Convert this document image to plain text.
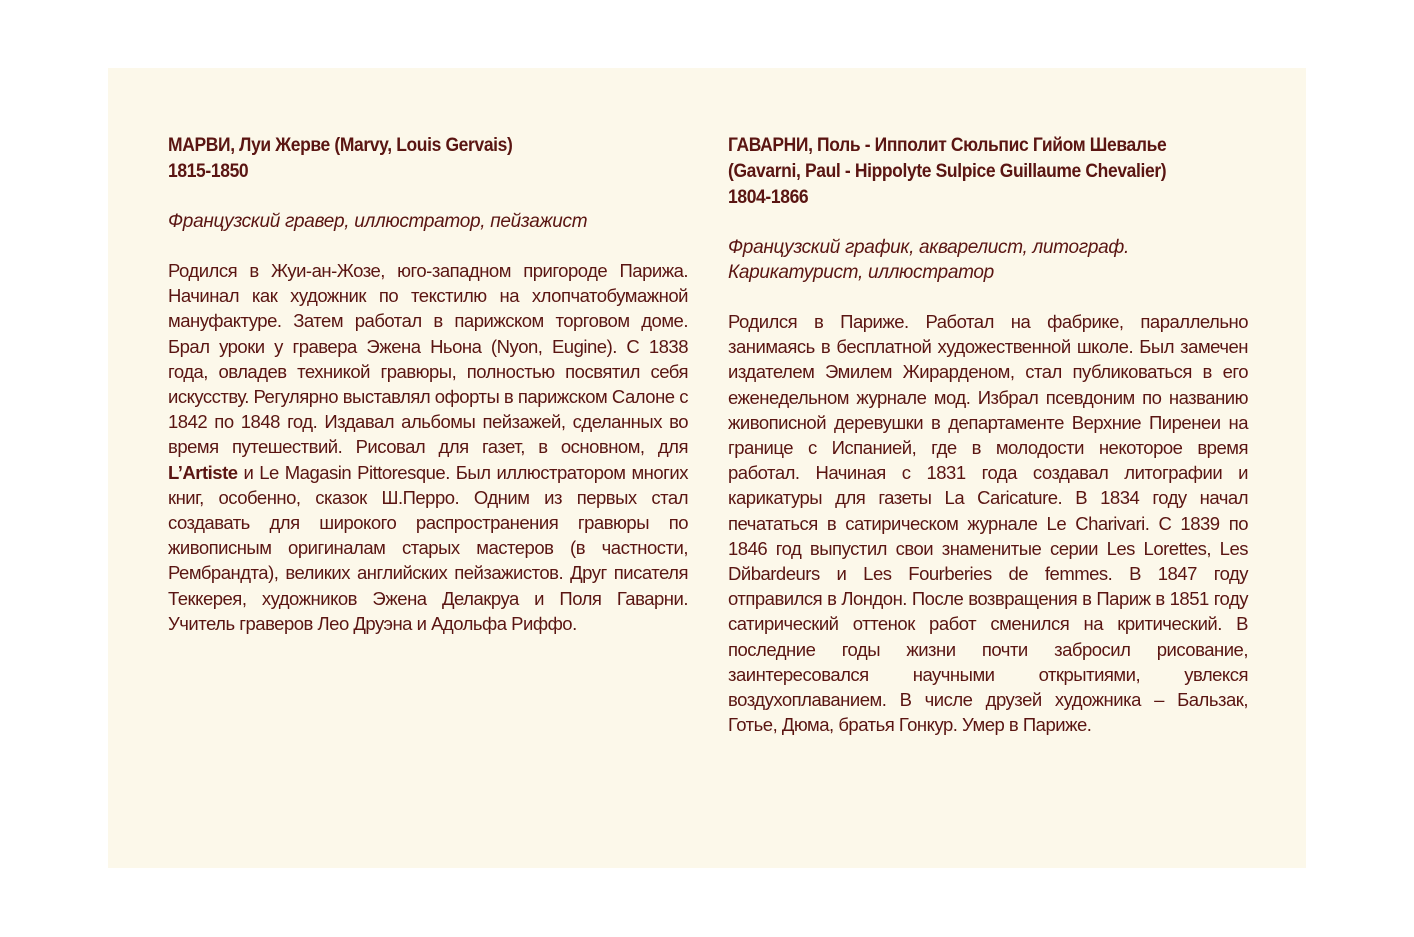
МАРВИ, Луи Жерве (Marvy, Louis Gervais)
1815-1850
Французский гравер, иллюстратор, пейзажист
Родился в Жуи-ан-Жозе, юго-западном пригороде Парижа. Начинал как художник по текстилю на хлопчатобумажной мануфактуре. Затем работал в парижском торговом доме. Брал уроки у гравера Эжена Ньона (Nyon, Eugine). С 1838 года, овладев техникой гравюры, полностью посвятил себя искусству. Регулярно выставлял офорты в парижском Салоне с 1842 по 1848 год. Издавал альбомы пейзажей, сделанных во время путешествий. Рисовал для газет, в основном, для L’Artiste и Le Magasin Pittoresque. Был иллюстратором многих книг, особенно, сказок Ш.Перро. Одним из первых стал создавать для широкого распространения гравюры по живописным оригиналам старых мастеров (в частности, Рембрандта), великих английских пейзажистов. Друг писателя Теккерея, художников Эжена Делакруа и Поля Гаварни. Учитель граверов Лео Друэна и Адольфа Риффо.
ГАВАРНИ, Поль - Ипполит Сюльпис Гийом Шевалье
(Gavarni, Paul - Hippolyte Sulpice Guillaume Chevalier)
1804-1866
Французский график, акварелист, литограф. Карикатурист, иллюстратор
Родился в Париже. Работал на фабрике, параллельно занимаясь в бесплатной художественной школе. Был замечен издателем Эмилем Жирарденом, стал публиковаться в его еженедельном журнале мод. Избрал псевдоним по названию живописной деревушки в департаменте Верхние Пиренеи на границе с Испанией, где в молодости некоторое время работал. Начиная с 1831 года создавал литографии и карикатуры для газеты La Caricature. В 1834 году начал печататься в сатирическом журнале Le Charivari. С 1839 по 1846 год выпустил свои знаменитые серии Les Lorettes, Les Dйbardeurs и Les Fourberies de femmes. В 1847 году отправился в Лондон. После возвращения в Париж в 1851 году сатирический оттенок работ сменился на критический. В последние годы жизни почти забросил рисование, заинтересовался научными открытиями, увлекся воздухоплаванием. В числе друзей художника – Бальзак, Готье, Дюма, братья Гонкур. Умер в Париже.
